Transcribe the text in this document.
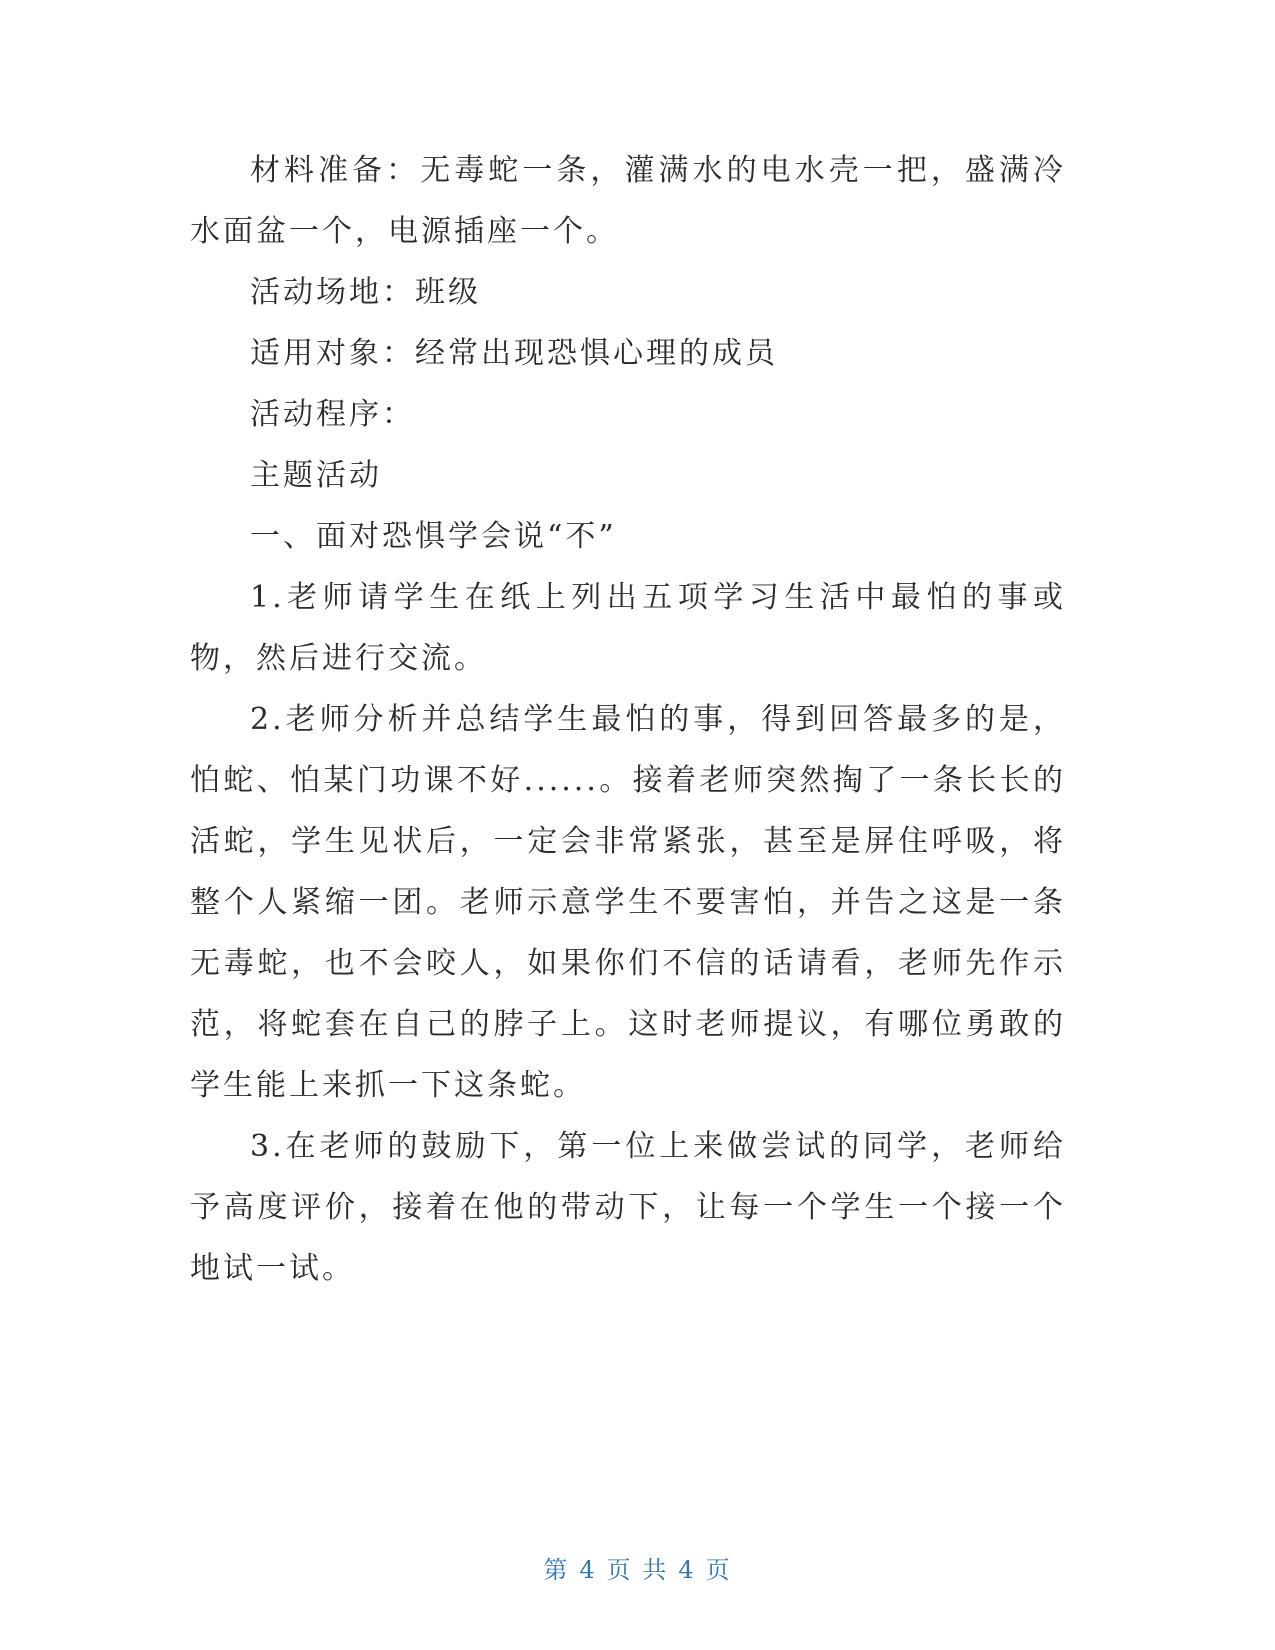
材料准备：无毒蛇一条，灌满水的电水壳一把，盛满冷水面盆一个，电源插座一个。

活动场地：班级

适用对象：经常出现恐惧心理的成员

活动程序：

主题活动

一、面对恐惧学会说“不”

1.老师请学生在纸上列出五项学习生活中最怕的事或物，然后进行交流。

2.老师分析并总结学生最怕的事，得到回答最多的是，怕蛇、怕某门功课不好......。接着老师突然掏了一条长长的活蛇，学生见状后，一定会非常紧张，甚至是屏住呼吸，将整个人紧缩一团。老师示意学生不要害怕，并告之这是一条无毒蛇，也不会咬人，如果你们不信的话请看，老师先作示范，将蛇套在自己的脖子上。这时老师提议，有哪位勇敢的学生能上来抓一下这条蛇。

3.在老师的鼓励下，第一位上来做尝试的同学，老师给予高度评价，接着在他的带动下，让每一个学生一个接一个地试一试。

第 4 页 共 4 页
